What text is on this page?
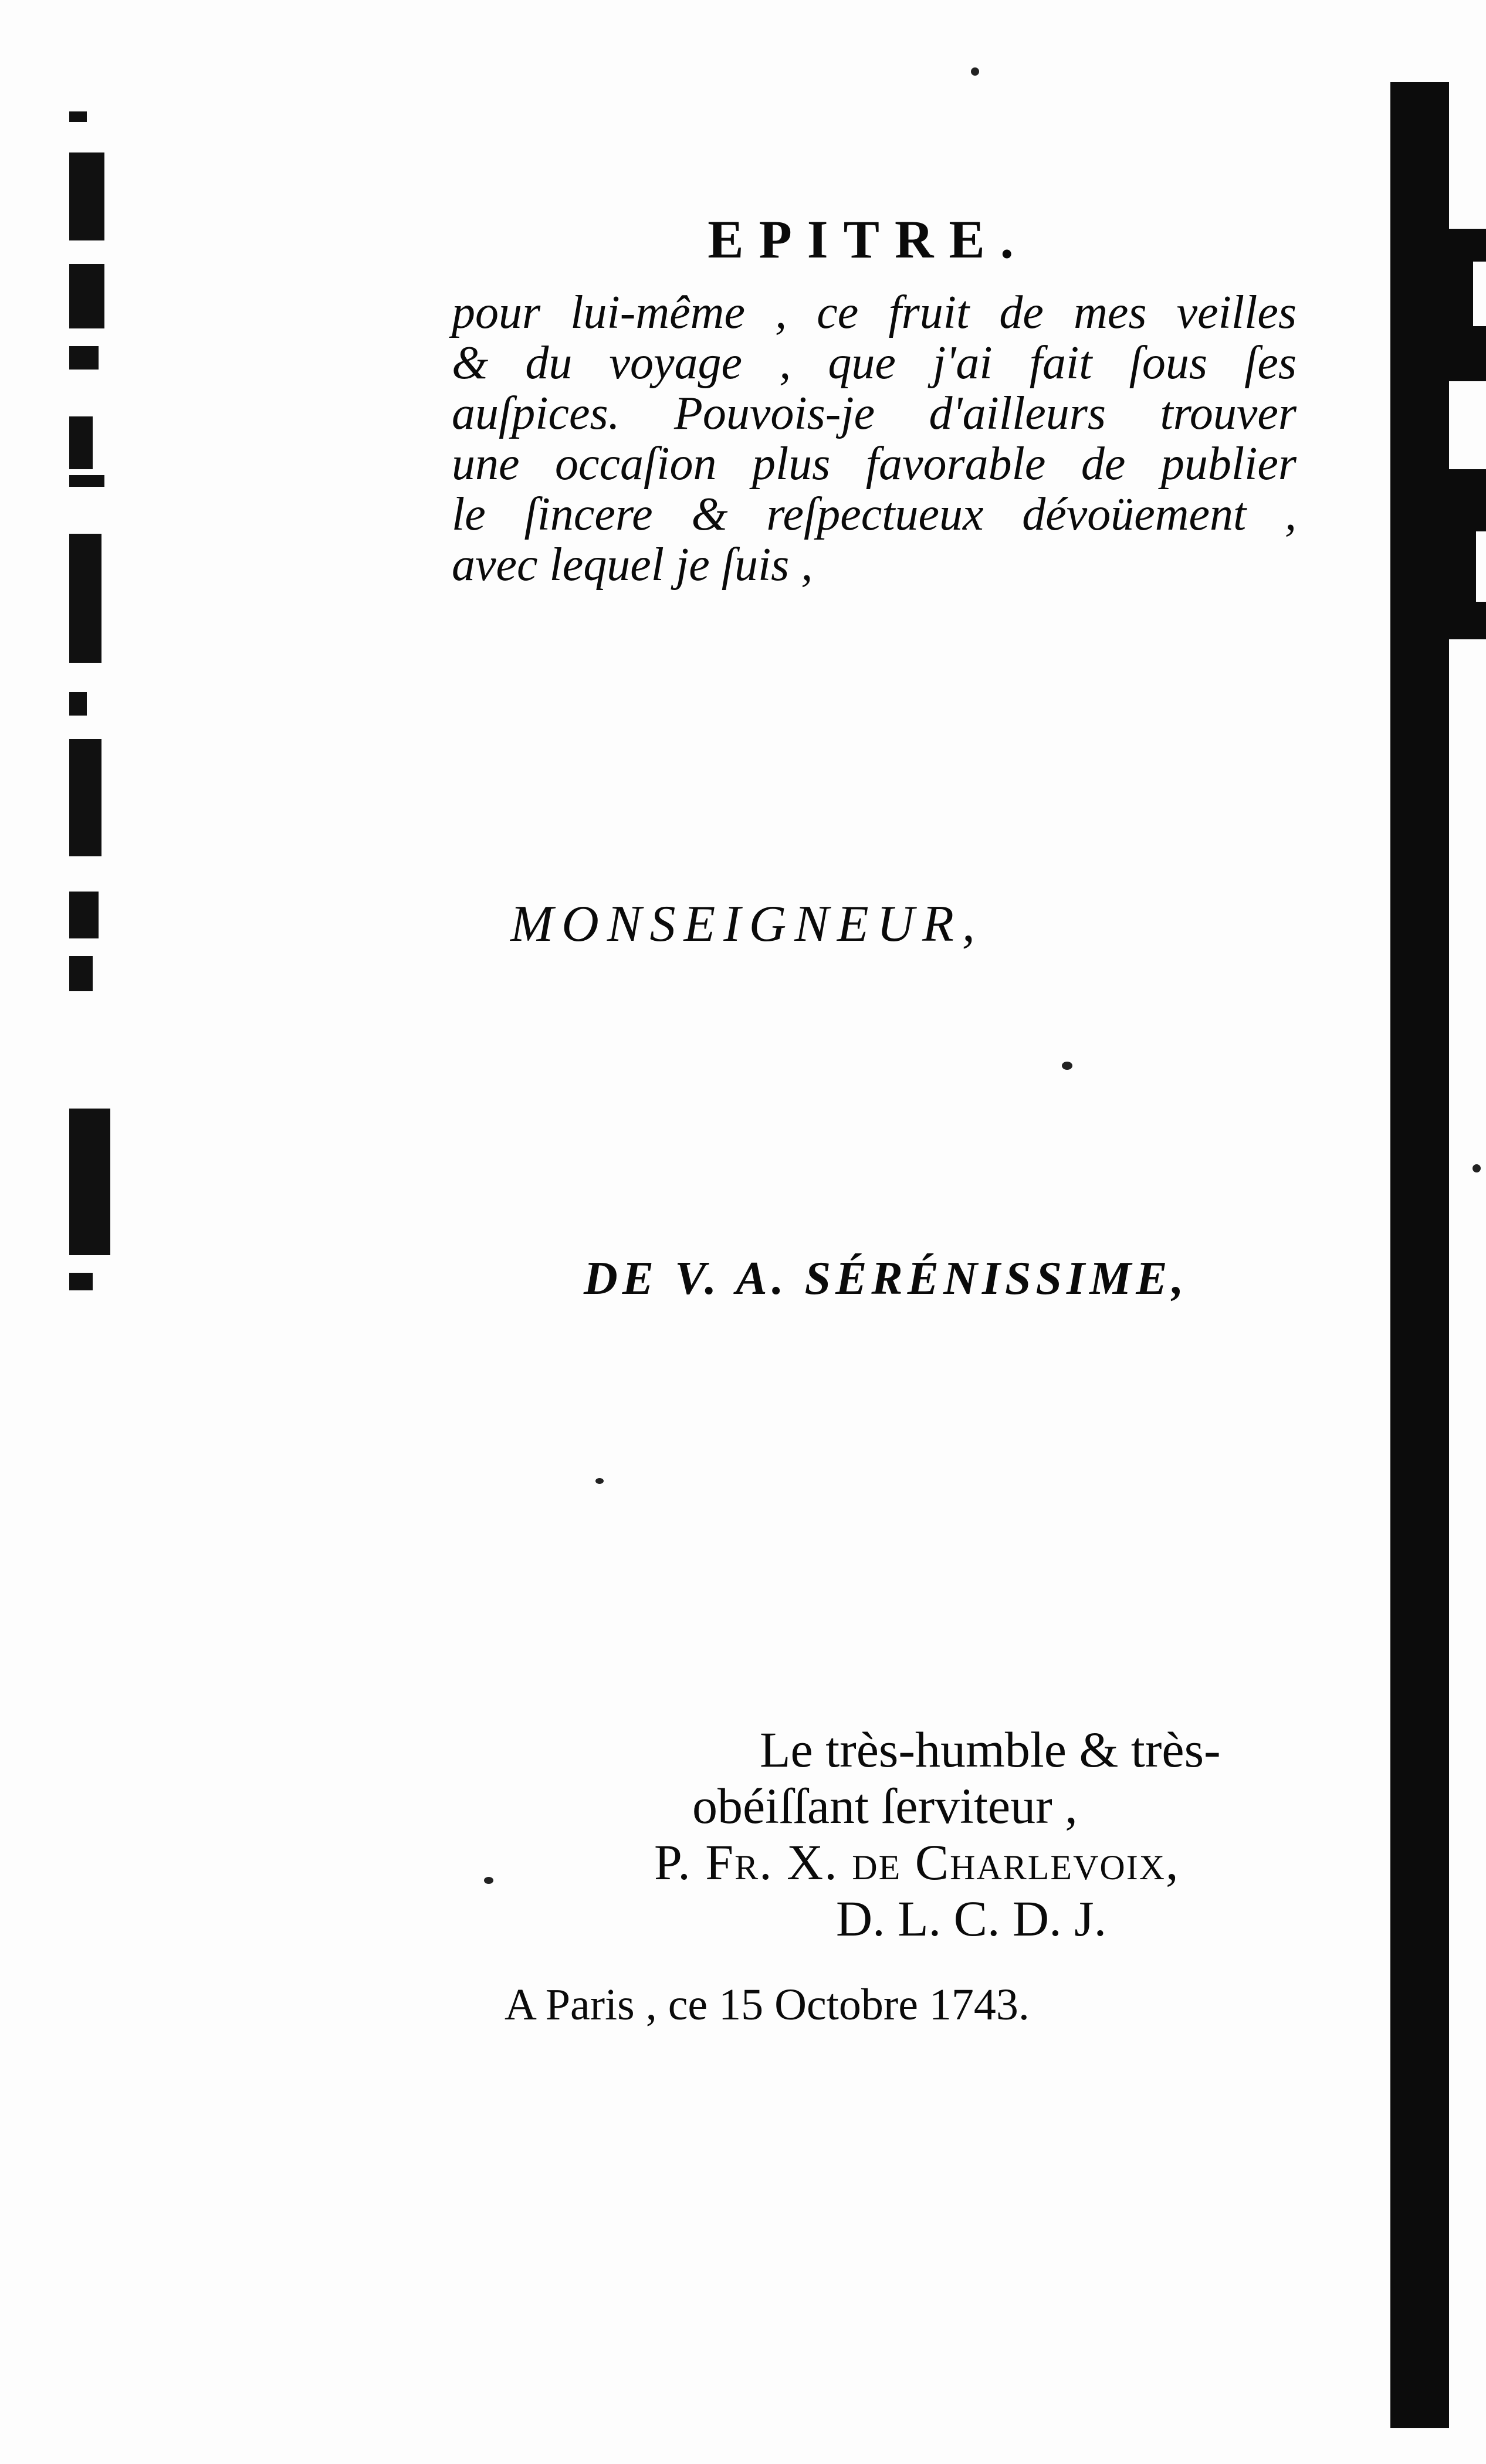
EPITRE.
pour lui-même , ce fruit de mes veilles
& du voyage , que j'ai fait ſous ſes
auſpices. Pouvois-je d'ailleurs trouver
une occaſion plus favorable de publier
le ſincere & reſpectueux dévoüement ,
avec lequel je ſuis ,
MONSEIGNEUR,
DE V. A. SÉRÉNISSIME,
Le très-humble & très-
obéiſſant ſerviteur ,
P. Fr. X. de Charlevoix,
D. L. C. D. J.
A Paris , ce 15 Octobre 1743.
